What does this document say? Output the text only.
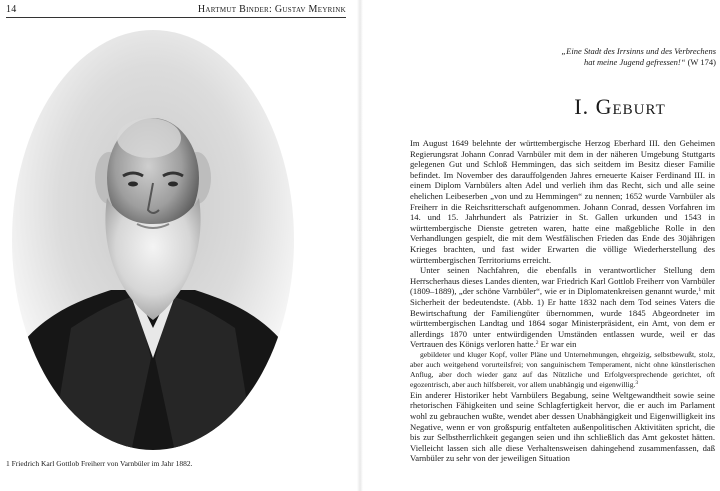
14	Hartmut Binder: Gustav Meyrink
1 Friedrich Karl Gottlob Freiherr von Varnbüler im Jahr 1882.
„Eine Stadt des Irrsinns und des Verbrechens hat meine Jugend gefressen!“ (W 174)
I. Geburt

Im August 1649 belehnte der württembergische Herzog Eberhard III. den Geheimen Regierungsrat Johann Conrad Varnbüler mit dem in der näheren Umgebung Stuttgarts gelegenen Gut und Schloß Hemmingen, das sich seitdem im Besitz dieser Familie befindet. Im November des darauffolgenden Jahres erneuerte Kaiser Ferdinand III. in einem Diplom Varnbülers alten Adel und verlieh ihm das Recht, sich und alle seine ehelichen Leibeserben „von und zu Hemmingen“ zu nennen; 1652 wurde Varnbüler als Freiherr in die Reichsritterschaft aufgenommen. Johann Conrad, dessen Vorfahren im 14. und 15. Jahrhundert als Patrizier in St. Gallen urkunden und 1543 in württembergische Dienste getreten waren, hatte eine maßgebliche Rolle in den Verhandlungen gespielt, die mit dem Westfälischen Frieden das Ende des 30jährigen Krieges brachten, und fast wider Erwarten die völlige Wiederherstellung des württembergischen Territoriums erreicht.

Unter seinen Nachfahren, die ebenfalls in verantwortlicher Stellung dem Herrscherhaus dieses Landes dienten, war Friedrich Karl Gottlob Freiherr von Varnbüler (1809–1889), „der schöne Varnbüler“, wie er in Diplomatenkreisen genannt wurde,$^1$ mit Sicherheit der bedeutendste. (Abb. 1) Er hatte 1832 nach dem Tod seines Vaters die Bewirtschaftung der Familiengüter übernommen, wurde 1845 Abgeordneter im württembergischen Landtag und 1864 sogar Ministerpräsident, ein Amt, von dem er allerdings 1870 unter entwürdigenden Umständen entlassen wurde, weil er das Vertrauen des Königs verloren hatte.$^2$ Er war ein

gebildeter und kluger Kopf, voller Pläne und Unternehmungen, ehrgeizig, selbstbewußt, stolz, aber auch weitgehend vorurteilsfrei; von sanguinischem Temperament, nicht ohne künstlerischen Anflug, aber doch wieder ganz auf das Nützliche und Erfolgversprechende gerichtet, oft egozentrisch, aber auch hilfsbereit, vor allem unabhängig und eigenwillig.$^3$

Ein anderer Historiker hebt Varnbülers Begabung, seine Weltgewandtheit sowie seine rhetorischen Fähigkeiten und seine Schlagfertigkeit hervor, die er auch im Parlament wohl zu gebrauchen wußte, wendet aber dessen Unabhängigkeit und Eigenwilligkeit ins Negative, wenn er von großspurig entfalteten außenpolitischen Aktivitäten spricht, die bis zur Selbstherrlichkeit gegangen seien und ihn schließlich das Amt gekostet hätten. Vielleicht lassen sich alle diese Verhaltensweisen dahingehend zusammenfassen, daß Varnbüler zu sehr von der jeweiligen Situation
